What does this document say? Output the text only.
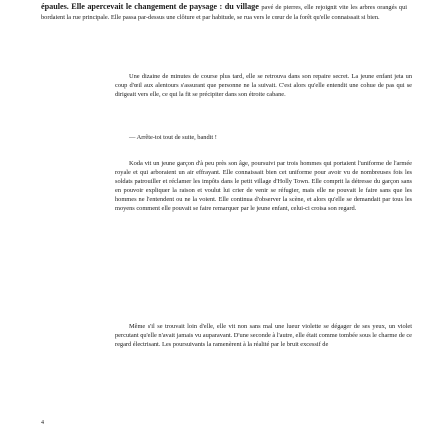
épaules. Elle apercevait le changement de paysage : du village pavé de pierres, elle rejoignit vite les arbres orangés qui bordaient la rue principale. Elle passa par-dessus une clôture et par habitude, se rua vers le cœur de la forêt qu'elle connaissait si bien.

Une dizaine de minutes de course plus tard, elle se retrouva dans son repaire secret. La jeune enfant jeta un coup d'œil aux alentours s'assurant que personne ne la suivait. C'est alors qu'elle entendit une cohue de pas qui se dirigeait vers elle, ce qui la fit se précipiter dans son étroite cabane.

— Arrête-toi tout de suite, bandit !

Koda vit un jeune garçon d'à peu près son âge, poursuivi par trois hommes qui portaient l'uniforme de l'armée royale et qui arboraient un air effrayant. Elle connaissait bien cet uniforme pour avoir vu de nombreuses fois les soldats patrouiller et réclamer les impôts dans le petit village d'Holly Town. Elle comprit la détresse du garçon sans en pouvoir expliquer la raison et voulut lui crier de venir se réfugier, mais elle ne pouvait le faire sans que les hommes ne l'entendent ou ne la voient. Elle continua d'observer la scène, et alors qu'elle se demandait par tous les moyens comment elle pouvait se faire remarquer par le jeune enfant, celui-ci croisa son regard.

Même s'il se trouvait loin d'elle, elle vit non sans mal une lueur violette se dégager de ses yeux, un violet percutant qu'elle n'avait jamais vu auparavant. D'une seconde à l'autre, elle était comme tombée sous le charme de ce regard électrisant. Les poursuivants la ramenèrent à la réalité par le bruit excessif de

4
